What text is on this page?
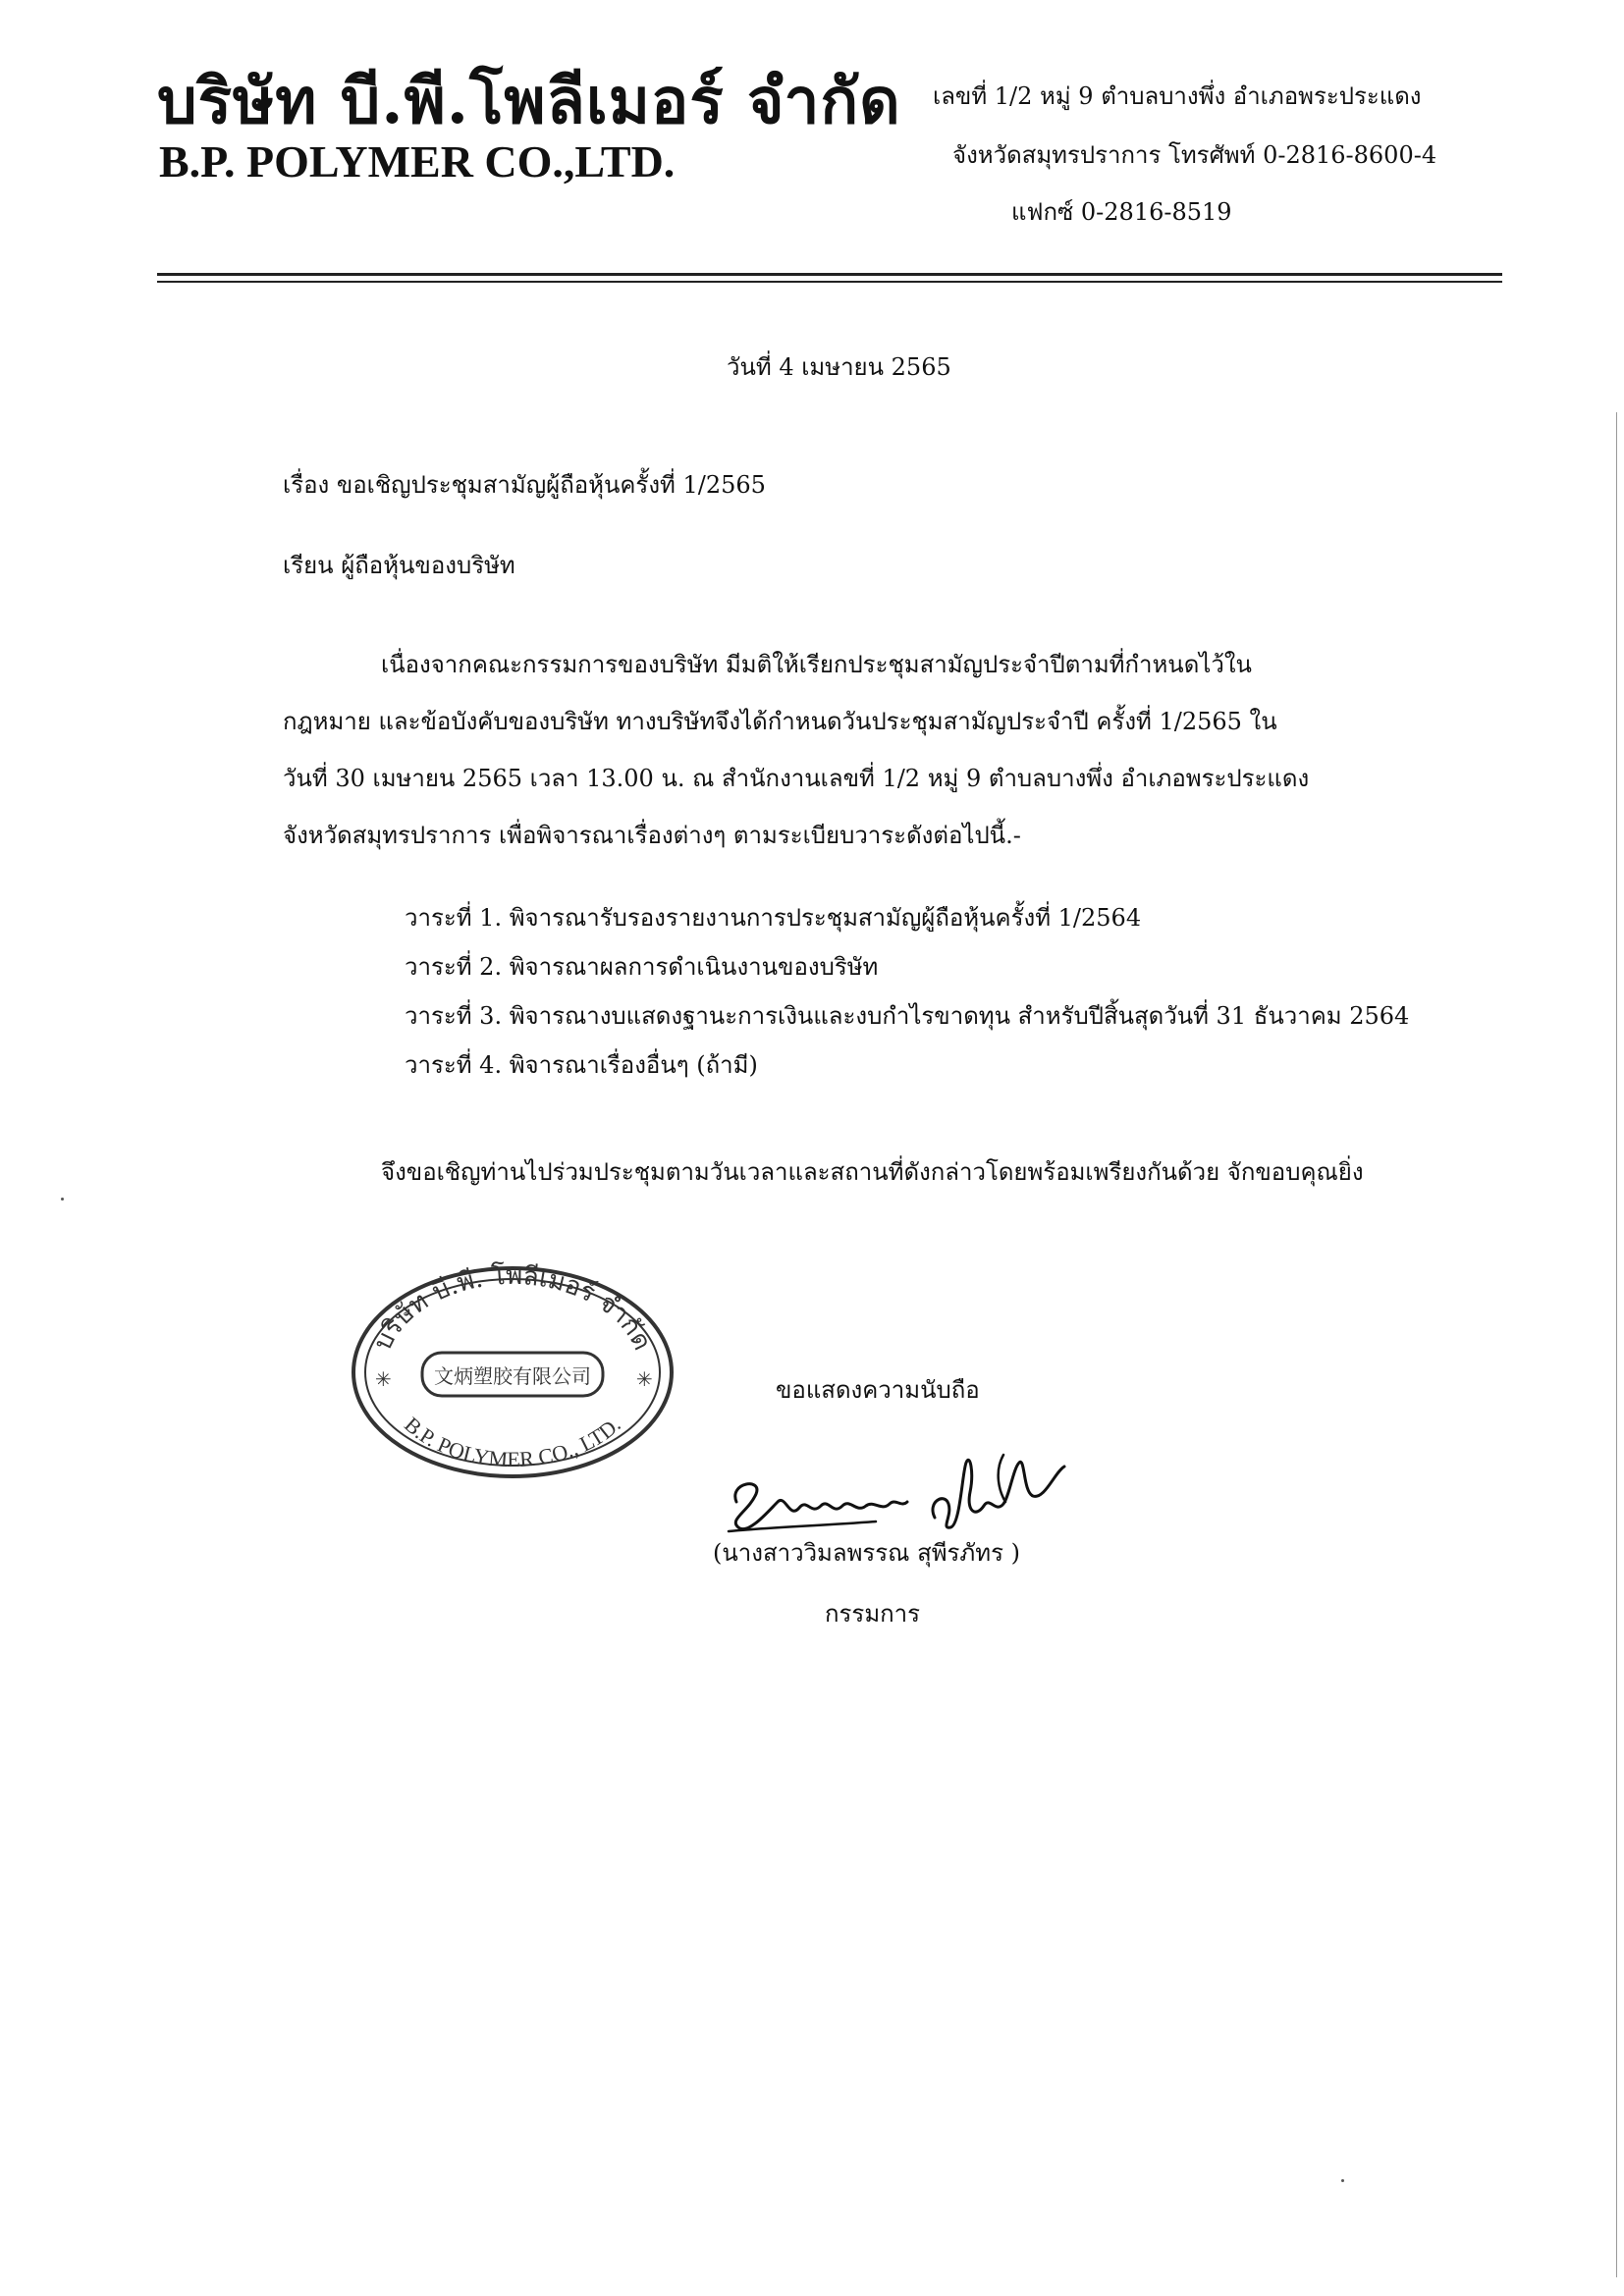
บริษัท บี.พี.โพลีเมอร์ จำกัด
B.P. POLYMER CO.,LTD.
เลขที่ 1/2 หมู่ 9 ตำบลบางพึ่ง อำเภอพระประแดง
จังหวัดสมุทรปราการ โทรศัพท์ 0-2816-8600-4
แฟกซ์ 0-2816-8519
วันที่ 4 เมษายน 2565
เรื่อง ขอเชิญประชุมสามัญผู้ถือหุ้นครั้งที่ 1/2565
เรียน ผู้ถือหุ้นของบริษัท

เนื่องจากคณะกรรมการของบริษัท มีมติให้เรียกประชุมสามัญประจำปีตามที่กำหนดไว้ใน

กฎหมาย และข้อบังคับของบริษัท ทางบริษัทจึงได้กำหนดวันประชุมสามัญประจำปี ครั้งที่ 1/2565 ใน

วันที่ 30 เมษายน 2565 เวลา 13.00 น. ณ สำนักงานเลขที่ 1/2 หมู่ 9 ตำบลบางพึ่ง อำเภอพระประแดง

จังหวัดสมุทรปราการ เพื่อพิจารณาเรื่องต่างๆ ตามระเบียบวาระดังต่อไปนี้.-

วาระที่ 1. พิจารณารับรองรายงานการประชุมสามัญผู้ถือหุ้นครั้งที่ 1/2564
วาระที่ 2. พิจารณาผลการดำเนินงานของบริษัท
วาระที่ 3. พิจารณางบแสดงฐานะการเงินและงบกำไรขาดทุน สำหรับปีสิ้นสุดวันที่ 31 ธันวาคม 2564
วาระที่ 4. พิจารณาเรื่องอื่นๆ (ถ้ามี)
จึงขอเชิญท่านไปร่วมประชุมตามวันเวลาและสถานที่ดังกล่าวโดยพร้อมเพรียงกันด้วย จักขอบคุณยิ่ง
บริษัท บี.พี. โพลีเมอร์ จำกัด
文炳塑胶有限公司
B.P. POLYMER CO., LTD.
✳	✳	ขอแสดงความนับถือ
(นางสาววิมลพรรณ สุพีรภัทร )
กรรมการ
